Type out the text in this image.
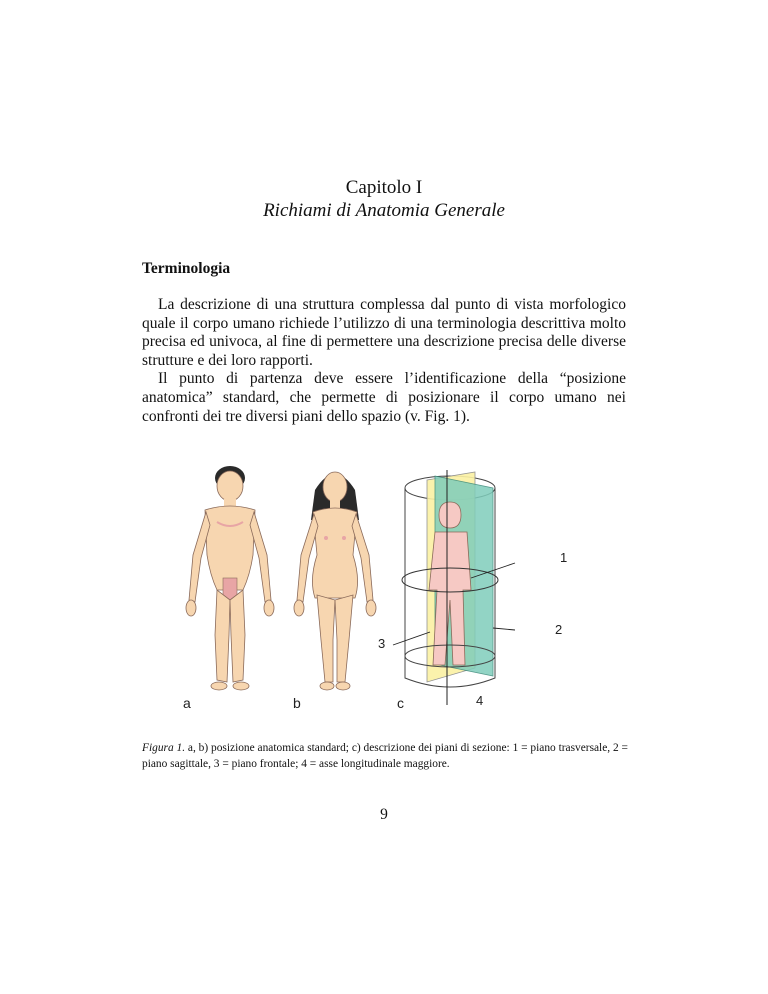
Capitolo I
Richiami di Anatomia Generale
Terminologia

La descrizione di una struttura complessa dal punto di vista morfologico quale il corpo umano richiede l’utilizzo di una terminologia descrittiva molto precisa ed univoca, al fine di permettere una descrizione precisa delle diverse strutture e dei loro rapporti.

Il punto di partenza deve essere l’identificazione della “posizione anatomica” standard, che permette di posizionare il corpo umano nei confronti dei tre diversi piani dello spazio (v. Fig. 1).

a	b	c
1
2
3
4
Figura 1. a, b) posizione anatomica standard; c) descrizione dei piani di sezione: 1 = piano trasversale, 2 = piano sagittale, 3 = piano frontale; 4 = asse longitudinale maggiore.
9
